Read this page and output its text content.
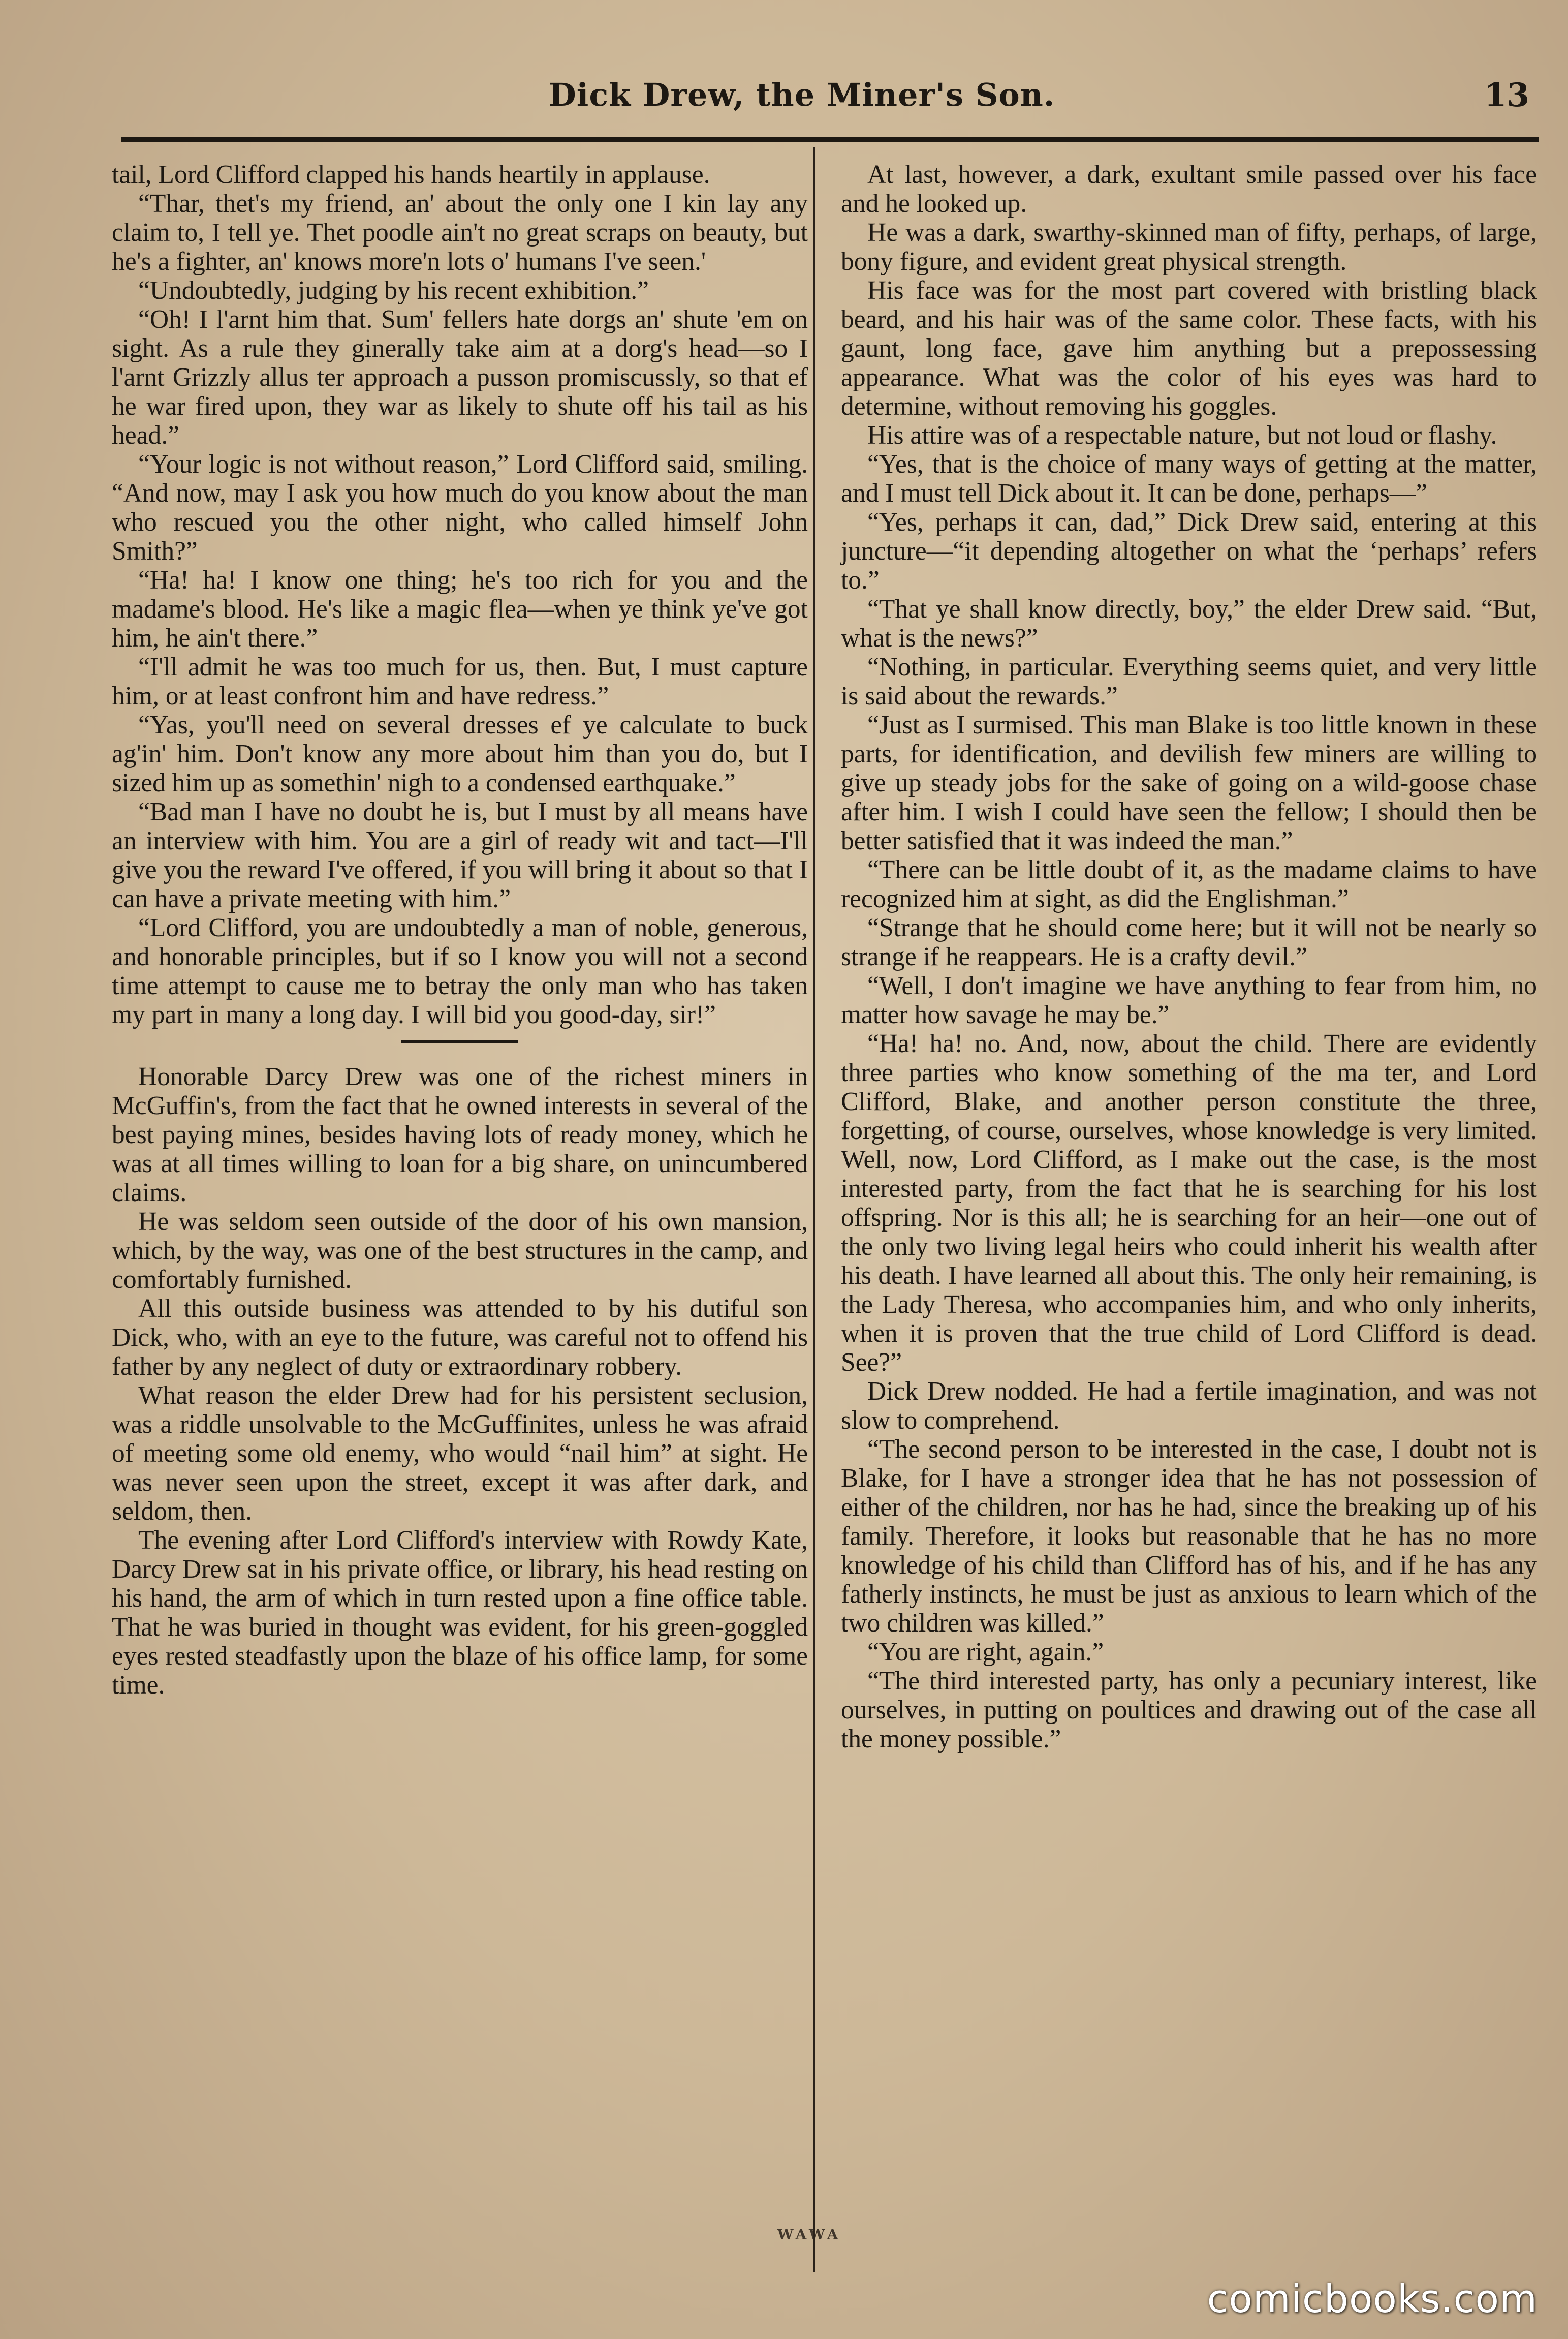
Dick Drew, the Miner's Son.	13

tail, Lord Clifford clapped his hands heartily in applause.

“Thar, thet's my friend, an' about the only one I kin lay any claim to, I tell ye. Thet poodle ain't no great scraps on beauty, but he's a fighter, an' knows more'n lots o' humans I've seen.'

“Undoubtedly, judging by his recent exhibition.”

“Oh! I l'arnt him that. Sum' fellers hate dorgs an' shute 'em on sight. As a rule they ginerally take aim at a dorg's head—so I l'arnt Grizzly allus ter approach a pusson promiscussly, so that ef he war fired upon, they war as likely to shute off his tail as his head.”

“Your logic is not without reason,” Lord Clifford said, smiling. “And now, may I ask you how much do you know about the man who rescued you the other night, who called himself John Smith?”

“Ha! ha! I know one thing; he's too rich for you and the madame's blood. He's like a magic flea—when ye think ye've got him, he ain't there.”

“I'll admit he was too much for us, then. But, I must capture him, or at least confront him and have redress.”

“Yas, you'll need on several dresses ef ye calculate to buck ag'in' him. Don't know any more about him than you do, but I sized him up as somethin' nigh to a condensed earthquake.”

“Bad man I have no doubt he is, but I must by all means have an interview with him. You are a girl of ready wit and tact—I'll give you the reward I've offered, if you will bring it about so that I can have a private meeting with him.”

“Lord Clifford, you are undoubtedly a man of noble, generous, and honorable principles, but if so I know you will not a second time attempt to cause me to betray the only man who has taken my part in many a long day. I will bid you good-day, sir!”

Honorable Darcy Drew was one of the richest miners in McGuffin's, from the fact that he owned interests in several of the best paying mines, besides having lots of ready money, which he was at all times willing to loan for a big share, on unincumbered claims.

He was seldom seen outside of the door of his own mansion, which, by the way, was one of the best structures in the camp, and comfortably furnished.

All this outside business was attended to by his dutiful son Dick, who, with an eye to the future, was careful not to offend his father by any neglect of duty or extraordinary robbery.

What reason the elder Drew had for his persistent seclusion, was a riddle unsolvable to the McGuffinites, unless he was afraid of meeting some old enemy, who would “nail him” at sight. He was never seen upon the street, except it was after dark, and seldom, then.

The evening after Lord Clifford's interview with Rowdy Kate, Darcy Drew sat in his private office, or library, his head resting on his hand, the arm of which in turn rested upon a fine office table. That he was buried in thought was evident, for his green-goggled eyes rested steadfastly upon the blaze of his office lamp, for some time.

At last, however, a dark, exultant smile passed over his face and he looked up.

He was a dark, swarthy-skinned man of fifty, perhaps, of large, bony figure, and evident great physical strength.

His face was for the most part covered with bristling black beard, and his hair was of the same color. These facts, with his gaunt, long face, gave him anything but a prepossessing appearance. What was the color of his eyes was hard to determine, without removing his goggles.

His attire was of a respectable nature, but not loud or flashy.

“Yes, that is the choice of many ways of getting at the matter, and I must tell Dick about it. It can be done, perhaps—”

“Yes, perhaps it can, dad,” Dick Drew said, entering at this juncture—“it depending altogether on what the ‘perhaps’ refers to.”

“That ye shall know directly, boy,” the elder Drew said. “But, what is the news?”

“Nothing, in particular. Everything seems quiet, and very little is said about the rewards.”

“Just as I surmised. This man Blake is too little known in these parts, for identification, and devilish few miners are willing to give up steady jobs for the sake of going on a wild-goose chase after him. I wish I could have seen the fellow; I should then be better satisfied that it was indeed the man.”

“There can be little doubt of it, as the madame claims to have recognized him at sight, as did the Englishman.”

“Strange that he should come here; but it will not be nearly so strange if he reappears. He is a crafty devil.”

“Well, I don't imagine we have anything to fear from him, no matter how savage he may be.”

“Ha! ha! no. And, now, about the child. There are evidently three parties who know something of the ma ter, and Lord Clifford, Blake, and another person constitute the three, forgetting, of course, ourselves, whose knowledge is very limited. Well, now, Lord Clifford, as I make out the case, is the most interested party, from the fact that he is searching for his lost offspring. Nor is this all; he is searching for an heir—one out of the only two living legal heirs who could inherit his wealth after his death. I have learned all about this. The only heir remaining, is the Lady Theresa, who accompanies him, and who only inherits, when it is proven that the true child of Lord Clifford is dead. See?”

Dick Drew nodded. He had a fertile imagination, and was not slow to comprehend.

“The second person to be interested in the case, I doubt not is Blake, for I have a stronger idea that he has not possession of either of the children, nor has he had, since the breaking up of his family. Therefore, it looks but reasonable that he has no more knowledge of his child than Clifford has of his, and if he has any fatherly instincts, he must be just as anxious to learn which of the two children was killed.”

“You are right, again.”

“The third interested party, has only a pecuniary interest, like ourselves, in putting on poultices and drawing out of the case all the money possible.”

WAWA
comicbooks.com
